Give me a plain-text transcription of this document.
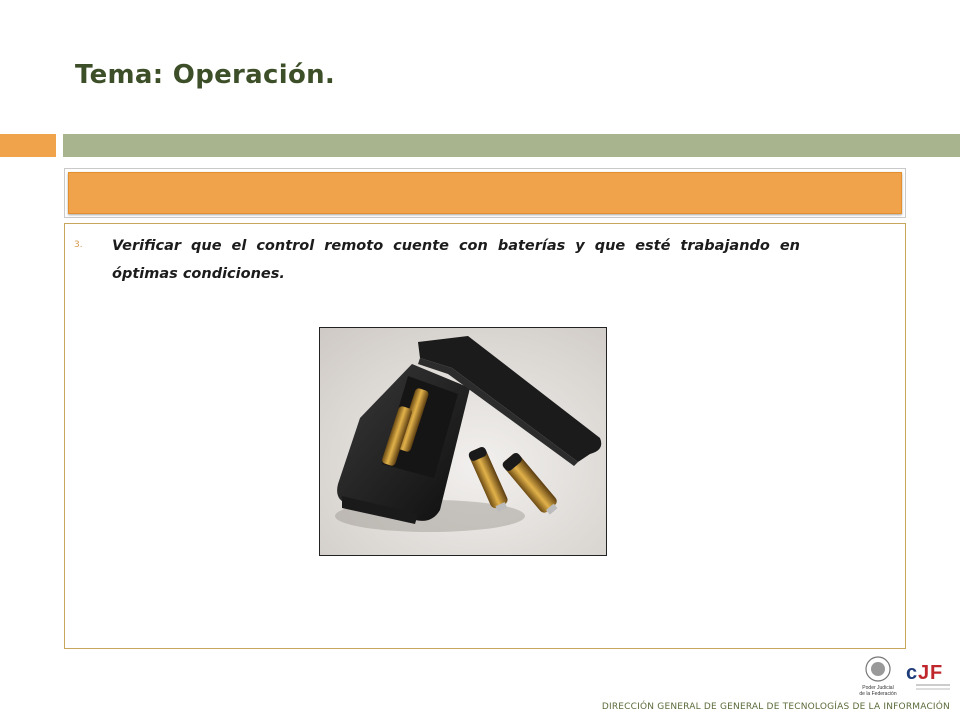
Tema: Operación.
3. Verificar que el control remoto cuente con baterías y que esté trabajando en óptimas condiciones.

Poder Judicial
de la Federación
c J F
DIRECCIÓN GENERAL DE GENERAL DE TECNOLOGÍAS DE LA INFORMACIÓN
